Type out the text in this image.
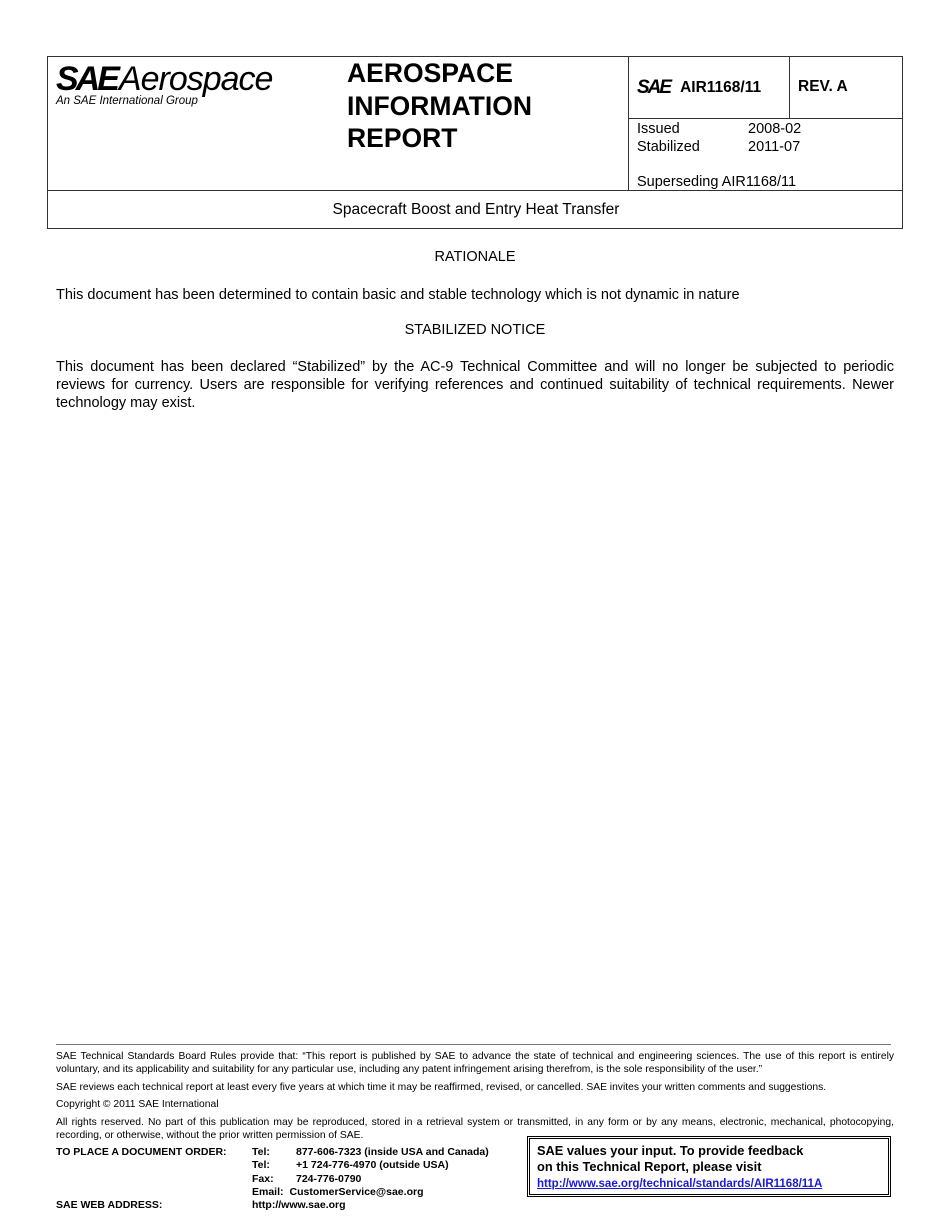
SAE Aerospace
An SAE International Group
AEROSPACE
INFORMATION
REPORT
SAE AIR1168/11 REV. A
Issued	2008-02
Stabilized	2011-07
Superseding AIR1168/11
Spacecraft Boost and Entry Heat Transfer
RATIONALE
This document has been determined to contain basic and stable technology which is not dynamic in nature
STABILIZED NOTICE
This document has been declared “Stabilized” by the AC-9 Technical Committee and will no longer be subjected to periodic reviews for currency. Users are responsible for verifying references and continued suitability of technical requirements. Newer technology may exist.
SAE Technical Standards Board Rules provide that: “This report is published by SAE to advance the state of technical and engineering sciences. The use of this report is entirely voluntary, and its applicability and suitability for any particular use, including any patent infringement arising therefrom, is the sole responsibility of the user.”
SAE reviews each technical report at least every five years at which time it may be reaffirmed, revised, or cancelled. SAE invites your written comments and suggestions.
Copyright © 2011 SAE International
All rights reserved. No part of this publication may be reproduced, stored in a retrieval system or transmitted, in any form or by any means, electronic, mechanical, photocopying, recording, or otherwise, without the prior written permission of SAE.
TO PLACE A DOCUMENT ORDER:
SAE WEB ADDRESS:
Tel:	877-606-7323 (inside USA and Canada)
Tel:	+1 724-776-4970 (outside USA)
Fax:	724-776-0790
Email: CustomerService@sae.org
http://www.sae.org
SAE values your input. To provide feedback
on this Technical Report, please visit
http://www.sae.org/technical/standards/AIR1168/11A
